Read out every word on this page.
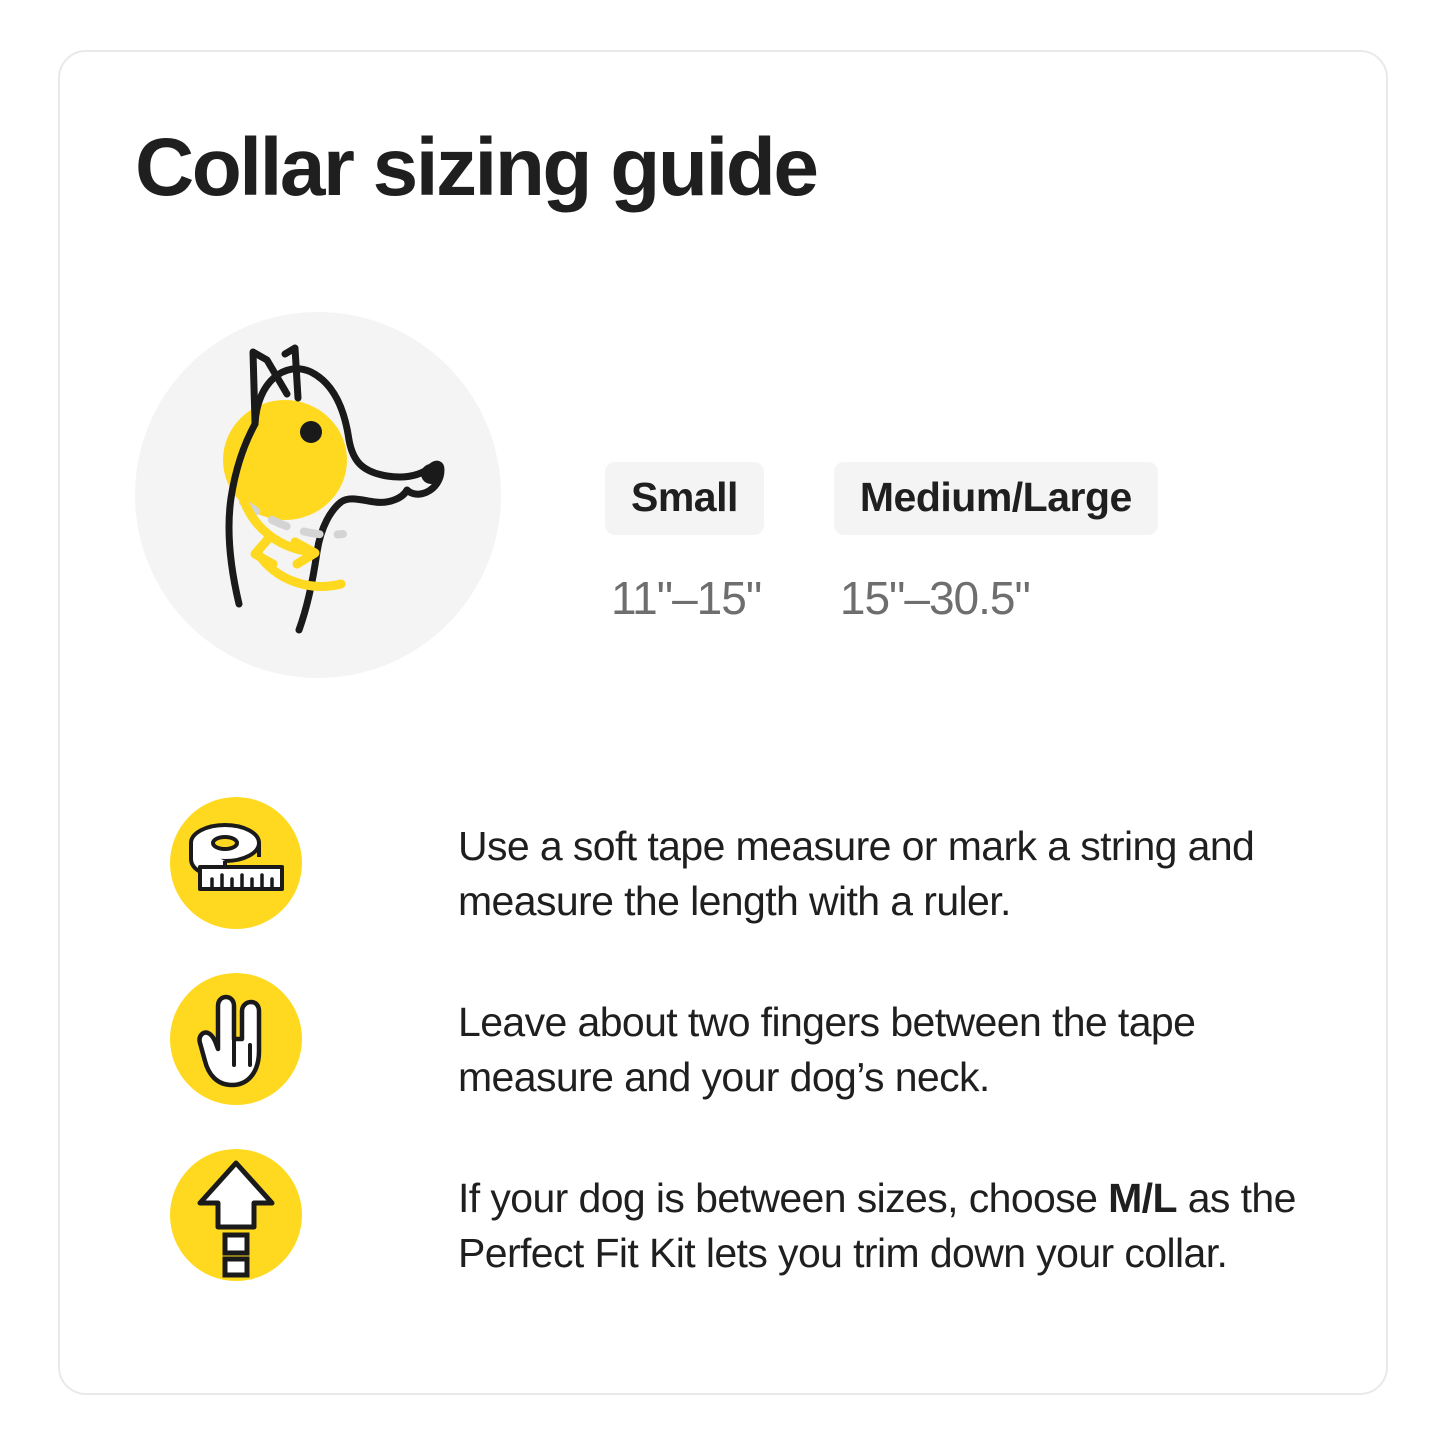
Collar sizing guide
Small
11"–15"
Medium/Large
15"–30.5"
Use a soft tape measure or mark a string and measure the length with a ruler.
Leave about two fingers between the tape measure and your dog’s neck.
If your dog is between sizes, choose M/L as the Perfect Fit Kit lets you trim down your collar.
